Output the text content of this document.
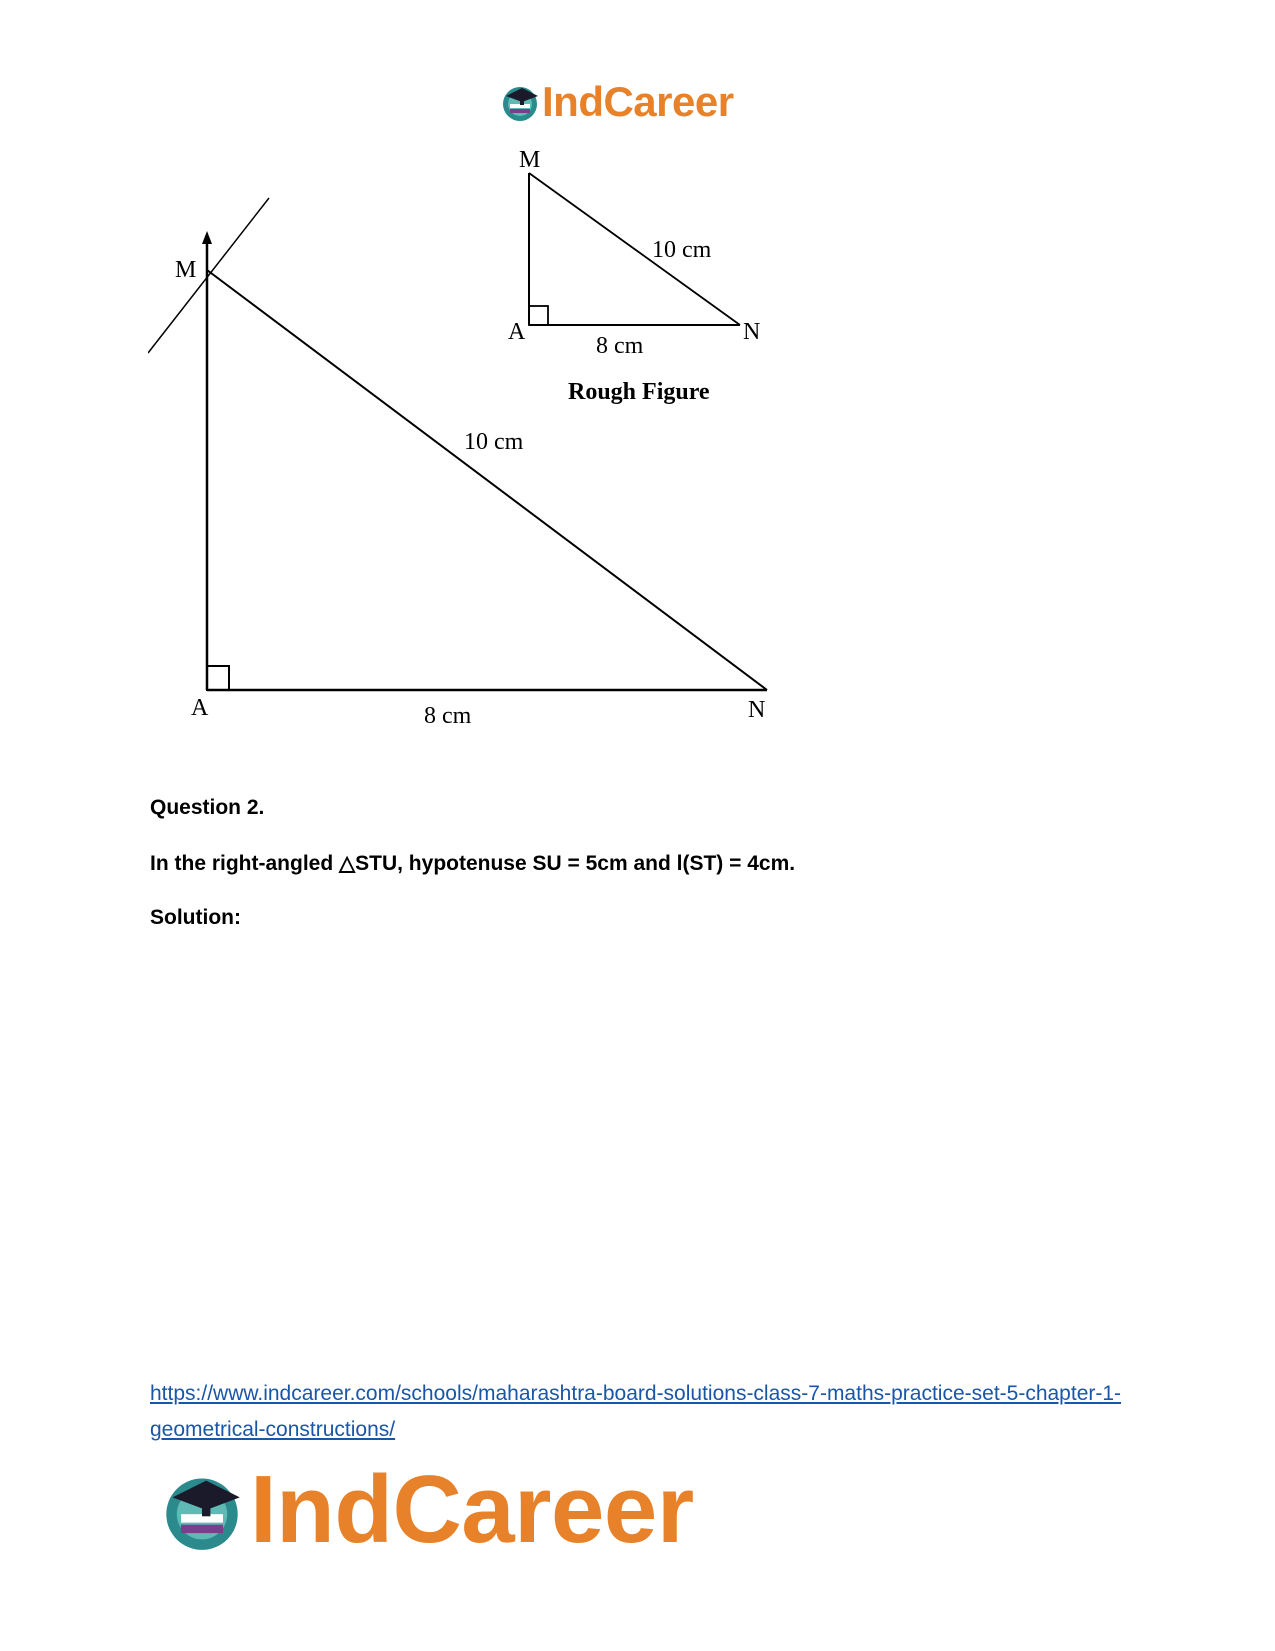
IndCareer
M
A	N
10 cm
8 cm
M
A	N
10 cm
8 cm
Rough Figure
Question 2.
In the right-angled △STU, hypotenuse SU = 5cm and l(ST) = 4cm.
Solution:
https://www.indcareer.com/schools/maharashtra-board-solutions-class-7-maths-practice-set-5-chapter-1-geometrical-constructions/
IndCareer
